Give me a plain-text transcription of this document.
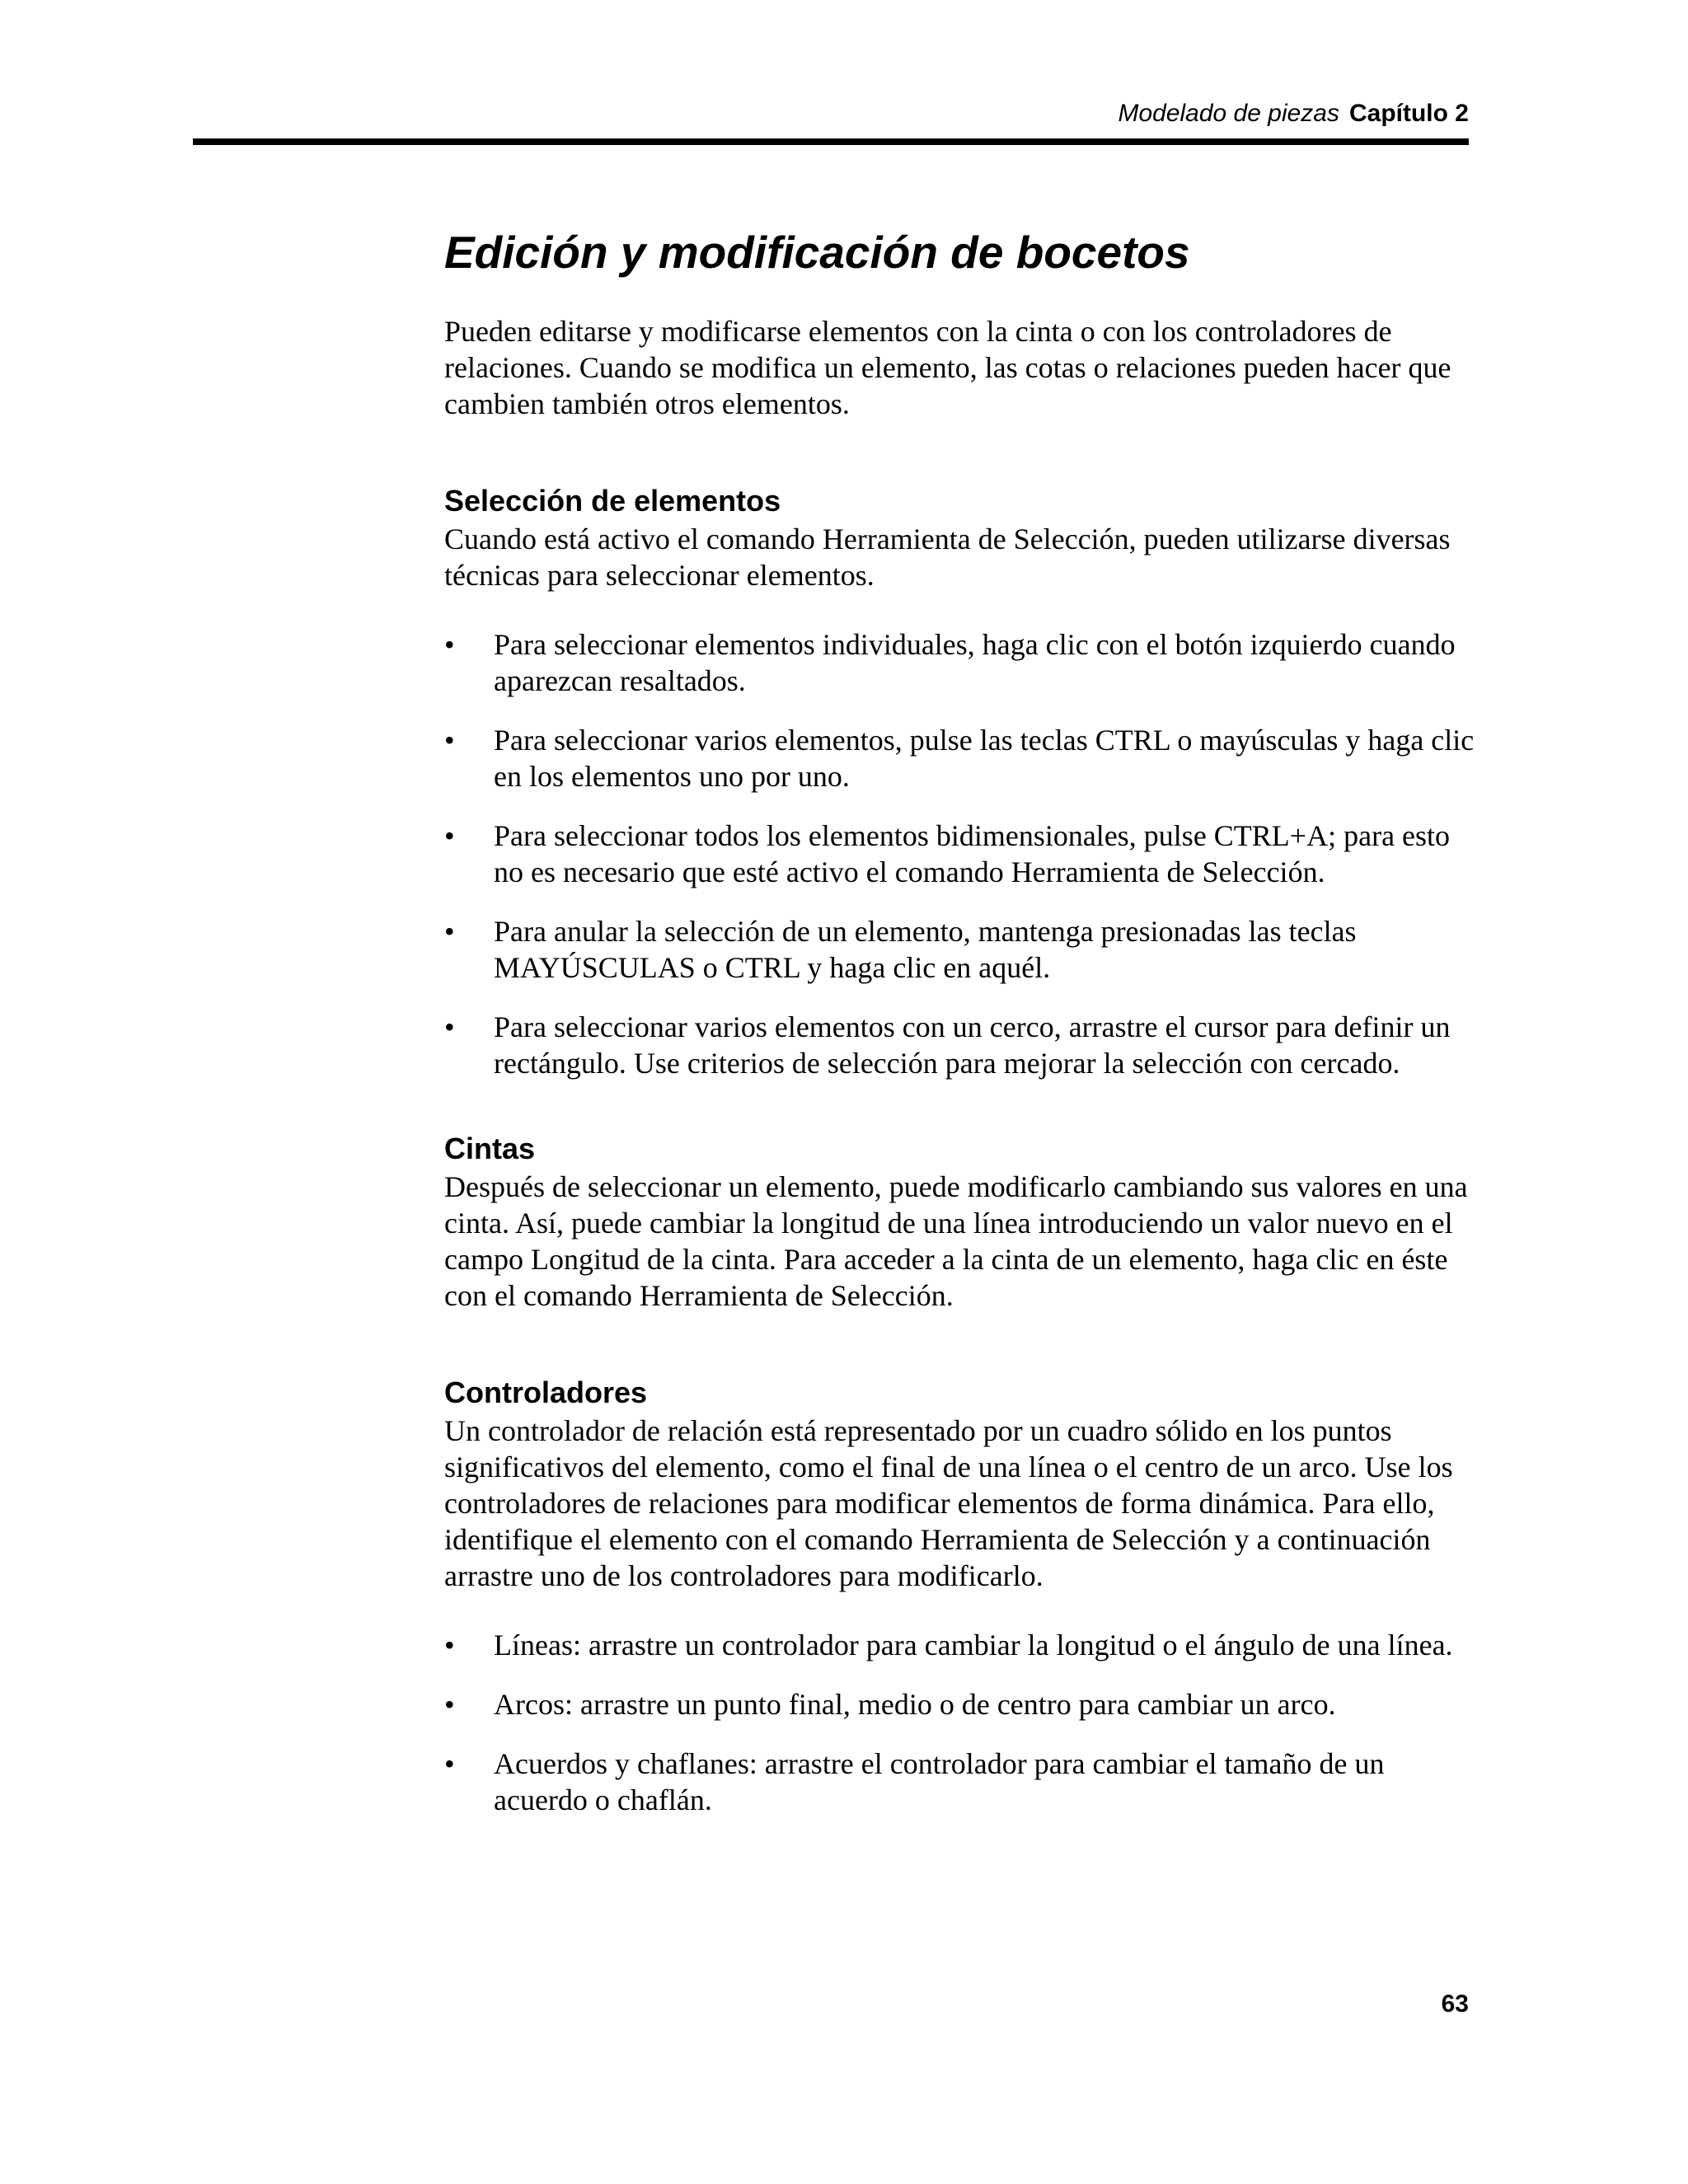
Modelado de piezas Capítulo 2
Edición y modificación de bocetos

Pueden editarse y modificarse elementos con la cinta o con los controladores de relaciones. Cuando se modifica un elemento, las cotas o relaciones pueden hacer que cambien también otros elementos.

Selección de elementos

Cuando está activo el comando Herramienta de Selección, pueden utilizarse diversas técnicas para seleccionar elementos.

• Para seleccionar elementos individuales, haga clic con el botón izquierdo cuando aparezcan resaltados.
• Para seleccionar varios elementos, pulse las teclas CTRL o mayúsculas y haga clic en los elementos uno por uno.
• Para seleccionar todos los elementos bidimensionales, pulse CTRL+A; para esto no es necesario que esté activo el comando Herramienta de Selección.
• Para anular la selección de un elemento, mantenga presionadas las teclas MAYÚSCULAS o CTRL y haga clic en aquél.
• Para seleccionar varios elementos con un cerco, arrastre el cursor para definir un rectángulo. Use criterios de selección para mejorar la selección con cercado.
Cintas

Después de seleccionar un elemento, puede modificarlo cambiando sus valores en una cinta. Así, puede cambiar la longitud de una línea introduciendo un valor nuevo en el campo Longitud de la cinta. Para acceder a la cinta de un elemento, haga clic en éste con el comando Herramienta de Selección.

Controladores

Un controlador de relación está representado por un cuadro sólido en los puntos significativos del elemento, como el final de una línea o el centro de un arco. Use los controladores de relaciones para modificar elementos de forma dinámica. Para ello, identifique el elemento con el comando Herramienta de Selección y a continuación arrastre uno de los controladores para modificarlo.

• Líneas: arrastre un controlador para cambiar la longitud o el ángulo de una línea.
• Arcos: arrastre un punto final, medio o de centro para cambiar un arco.
• Acuerdos y chaflanes: arrastre el controlador para cambiar el tamaño de un acuerdo o chaflán.
63
